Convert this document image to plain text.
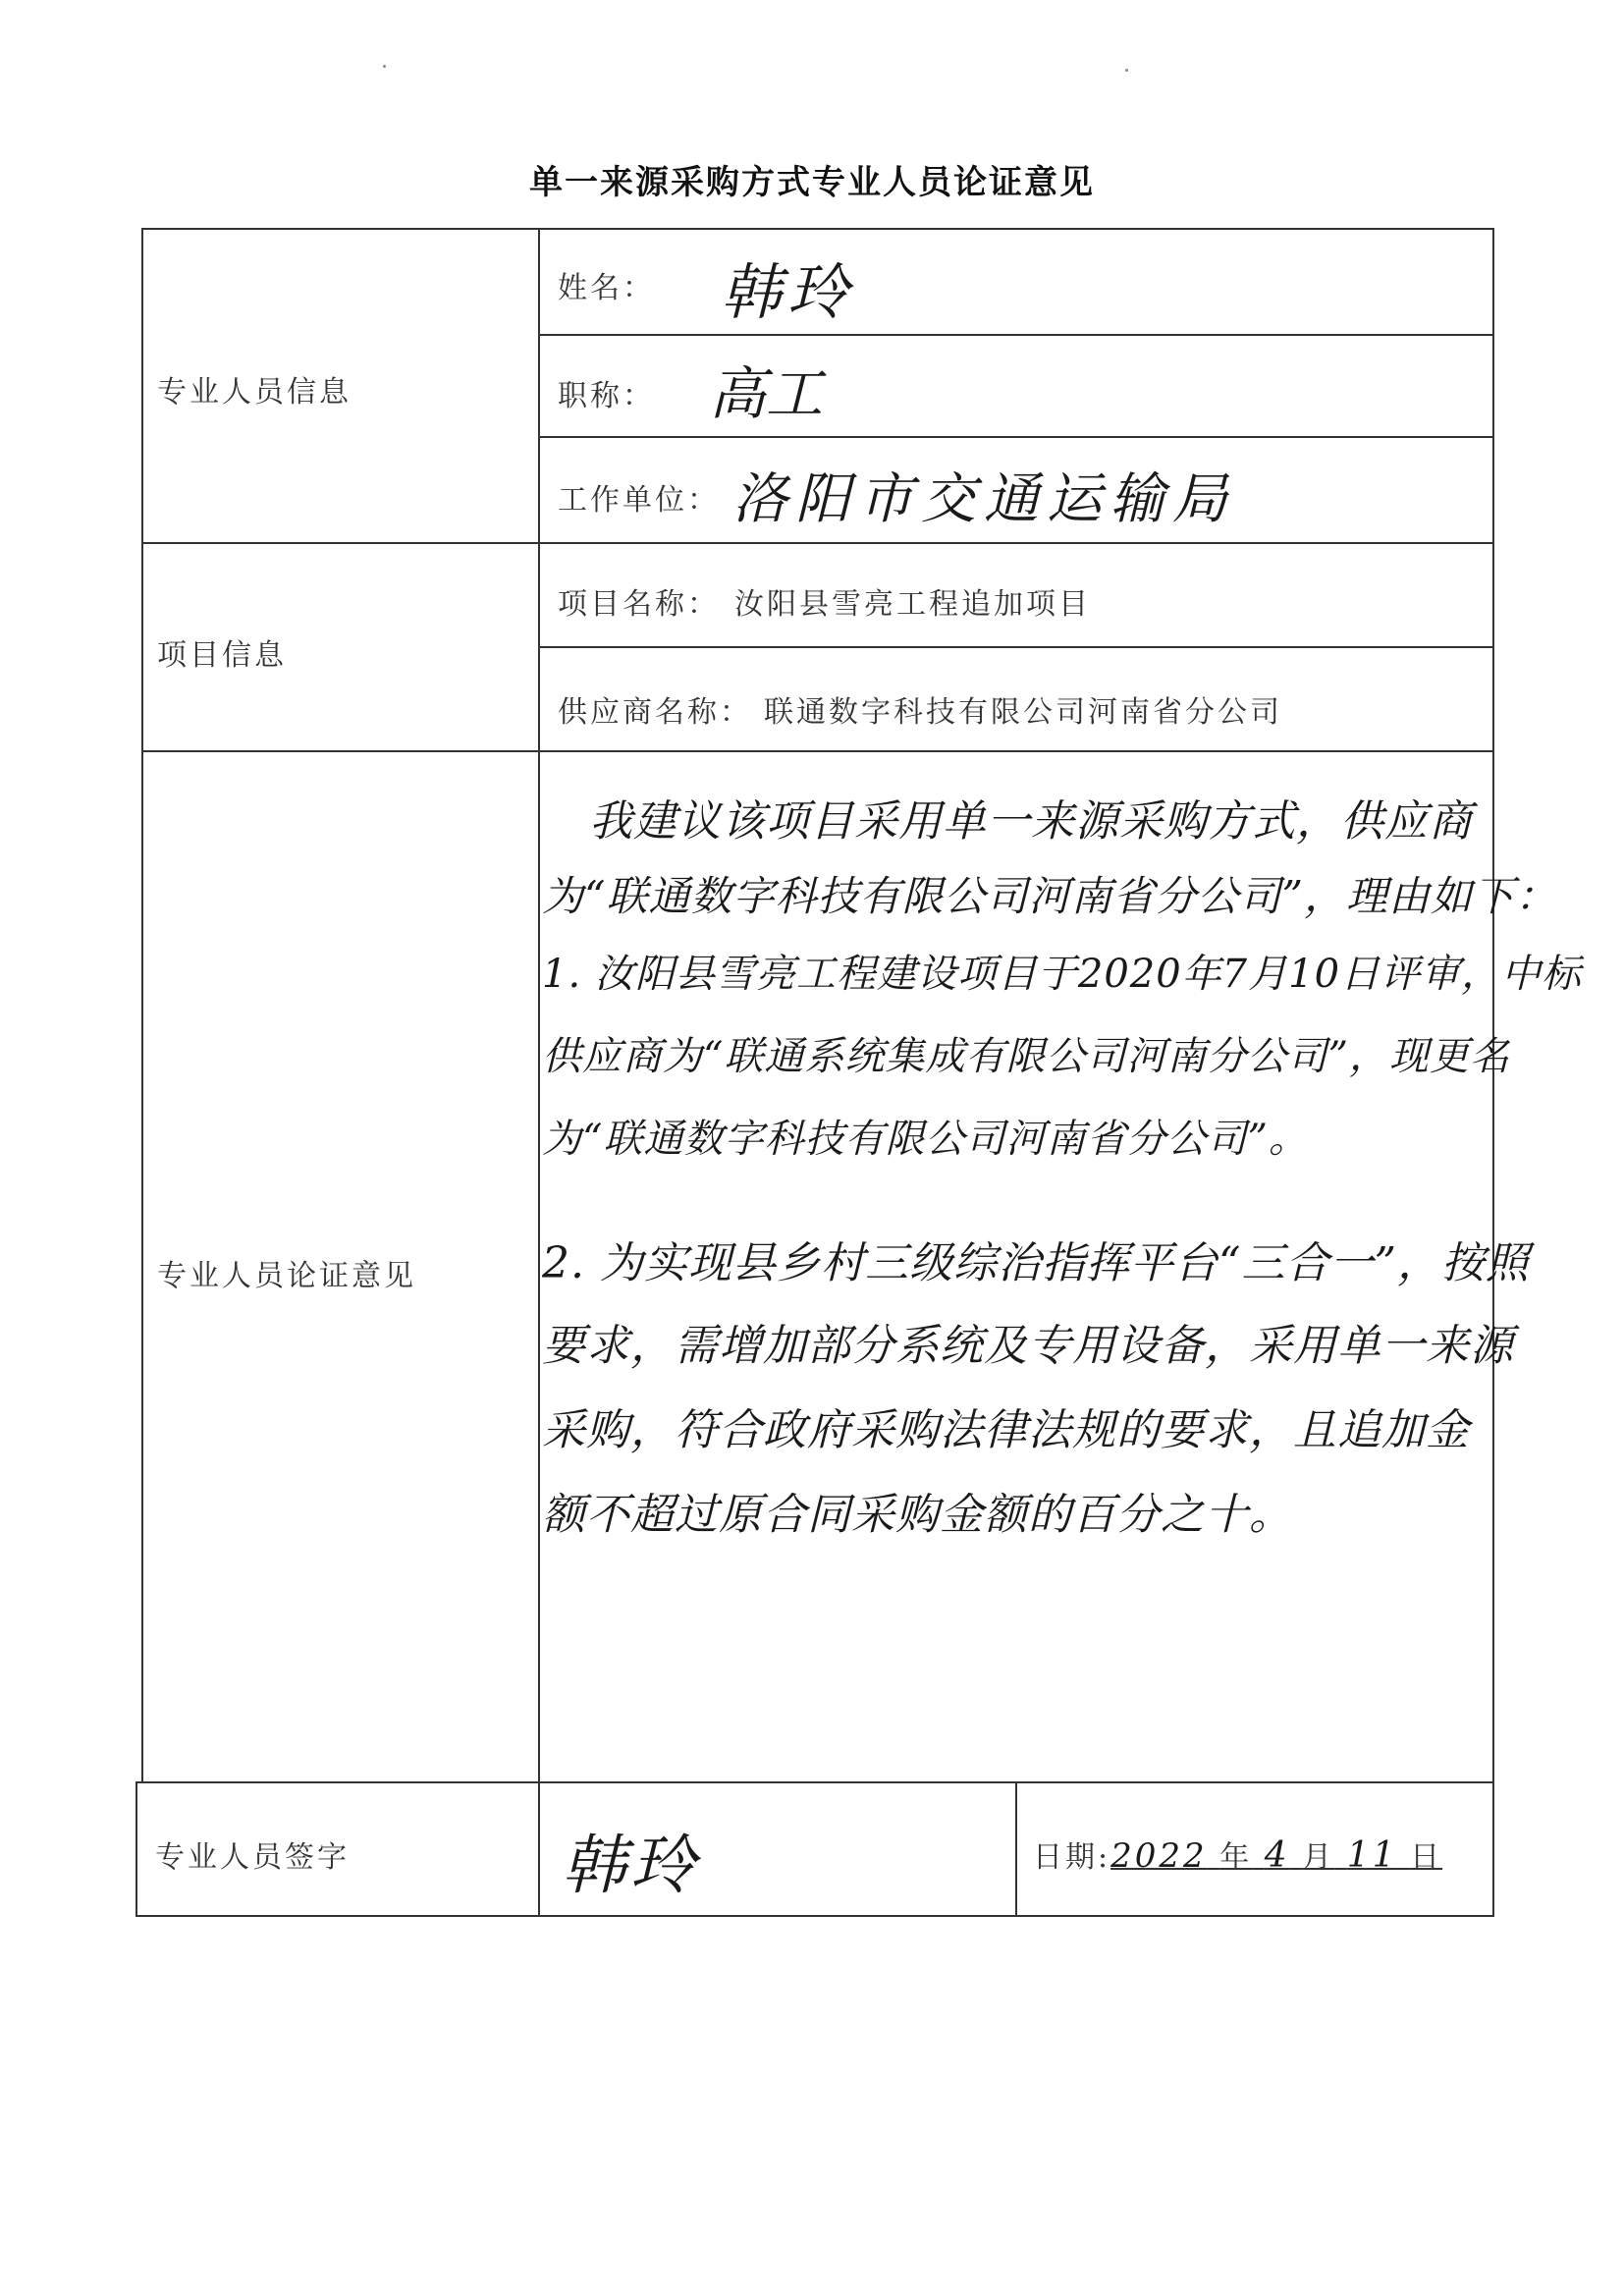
单一来源采购方式专业人员论证意见
专业人员信息
姓名： 韩玲
职称： 高工
工作单位： 洛阳市交通运输局
项目信息
项目名称： 汝阳县雪亮工程追加项目
供应商名称： 联通数字科技有限公司河南省分公司
专业人员论证意见
我建议该项目采用单一来源采购方式，供应商
为“联通数字科技有限公司河南省分公司”，理由如下：
1. 汝阳县雪亮工程建设项目于2020年7月10日评审，中标
供应商为“联通系统集成有限公司河南分公司”，现更名
为“联通数字科技有限公司河南省分公司”。
2. 为实现县乡村三级综治指挥平台“三合一”，按照
要求，需增加部分系统及专用设备，采用单一来源
采购，符合政府采购法律法规的要求，且追加金
额不超过原合同采购金额的百分之十。
专业人员签字	韩玲	日期:2022 年 4 月 11 日
